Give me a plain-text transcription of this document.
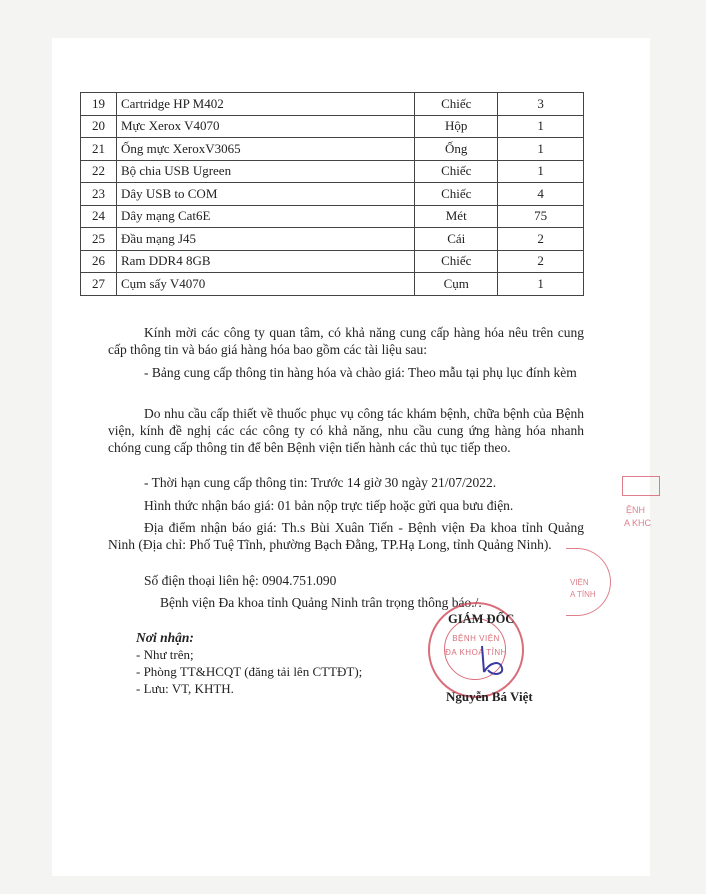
19	Cartridge HP M402	Chiếc	3
20	Mực Xerox V4070	Hộp	1
21	Ống mực XeroxV3065	Ống	1
22	Bộ chia USB Ugreen	Chiếc	1
23	Dây USB to COM	Chiếc	4
24	Dây mạng Cat6E	Mét	75
25	Đầu mạng J45	Cái	2
26	Ram DDR4 8GB	Chiếc	2
27	Cụm sấy V4070	Cụm	1
Kính mời các công ty quan tâm, có khả năng cung cấp hàng hóa nêu trên cung cấp thông tin và báo giá hàng hóa bao gồm các tài liệu sau:
- Bảng cung cấp thông tin hàng hóa và chào giá: Theo mẫu tại phụ lục đính kèm
Do nhu cầu cấp thiết về thuốc phục vụ công tác khám bệnh, chữa bệnh của Bệnh viện, kính đề nghị các các công ty có khả năng, nhu cầu cung ứng hàng hóa nhanh chóng cung cấp thông tin để bên Bệnh viện tiến hành các thủ tục tiếp theo.
- Thời hạn cung cấp thông tin: Trước 14 giờ 30 ngày 21/07/2022.
Hình thức nhận báo giá: 01 bản nộp trực tiếp hoặc gửi qua bưu điện.
Địa điểm nhận báo giá: Th.s Bùi Xuân Tiến - Bệnh viện Đa khoa tỉnh Quảng Ninh (Địa chỉ: Phố Tuệ Tĩnh, phường Bạch Đằng, TP.Hạ Long, tỉnh Quảng Ninh).
Số điện thoại liên hệ: 0904.751.090
Bệnh viện Đa khoa tỉnh Quảng Ninh trân trọng thông báo./.
Nơi nhận:
- Như trên;
- Phòng TT&HCQT (đăng tải lên CTTĐT);
- Lưu: VT, KHTH.
BỆNH VIỆN
ĐA KHOA TỈNH
GIÁM ĐỐC
Nguyễn Bá Việt
ỆNH
A KHC
VIỆN
A TỈNH
